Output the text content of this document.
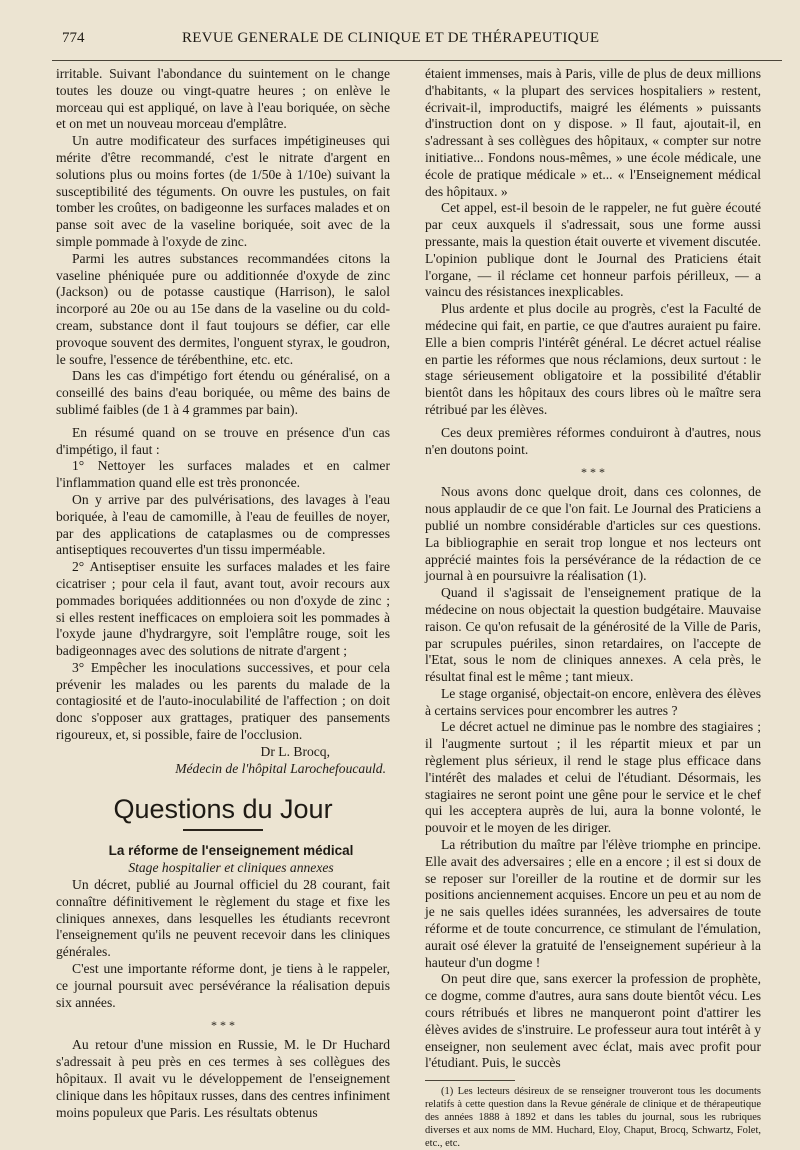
774	REVUE GENERALE DE CLINIQUE ET DE THÉRAPEUTIQUE

irritable. Suivant l'abondance du suintement on le change toutes les douze ou vingt-quatre heures ; on enlève le morceau qui est appliqué, on lave à l'eau boriquée, on sèche et on met un nouveau morceau d'emplâtre.

Un autre modificateur des surfaces impétigineuses qui mérite d'être recommandé, c'est le nitrate d'argent en solutions plus ou moins fortes (de 1/50e à 1/10e) suivant la susceptibilité des téguments. On ouvre les pustules, on fait tomber les croûtes, on badigeonne les surfaces malades et on panse soit avec de la vaseline boriquée, soit avec de la simple pommade à l'oxyde de zinc.

Parmi les autres substances recommandées citons la vaseline phéniquée pure ou additionnée d'oxyde de zinc (Jackson) ou de potasse caustique (Harrison), le salol incorporé au 20e ou au 15e dans de la vaseline ou du cold-cream, substance dont il faut toujours se défier, car elle provoque souvent des dermites, l'onguent styrax, le goudron, le soufre, l'essence de térébenthine, etc. etc.

Dans les cas d'impétigo fort étendu ou généralisé, on a conseillé des bains d'eau boriquée, ou même des bains de sublimé faibles (de 1 à 4 grammes par bain).

En résumé quand on se trouve en présence d'un cas d'impétigo, il faut :

1° Nettoyer les surfaces malades et en calmer l'inflammation quand elle est très prononcée.

On y arrive par des pulvérisations, des lavages à l'eau boriquée, à l'eau de camomille, à l'eau de feuilles de noyer, par des applications de cataplasmes ou de compresses antiseptiques recouvertes d'un tissu imperméable.

2° Antiseptiser ensuite les surfaces malades et les faire cicatriser ; pour cela il faut, avant tout, avoir recours aux pommades boriquées additionnées ou non d'oxyde de zinc ; si elles restent inefficaces on emploiera soit les pommades à l'oxyde jaune d'hydrargyre, soit l'emplâtre rouge, soit les badigeonnages avec des solutions de nitrate d'argent ;

3° Empêcher les inoculations successives, et pour cela prévenir les malades ou les parents du malade de la contagiosité et de l'auto-inoculabilité de l'affection ; on doit donc s'opposer aux grattages, pratiquer des pansements rigoureux, et, si possible, faire de l'occlusion.

Dr L. Brocq,

Médecin de l'hôpital Larochefoucauld.

Questions du Jour

La réforme de l'enseignement médical

Stage hospitalier et cliniques annexes

Un décret, publié au Journal officiel du 28 courant, fait connaître définitivement le règlement du stage et fixe les cliniques annexes, dans lesquelles les étudiants recevront l'enseignement qu'ils ne peuvent recevoir dans les cliniques générales.

C'est une importante réforme dont, je tiens à le rappeler, ce journal poursuit avec persévérance la réalisation depuis six années.

* * *

Au retour d'une mission en Russie, M. le Dr Huchard s'adressait à peu près en ces termes à ses collègues des hôpitaux. Il avait vu le développement de l'enseignement clinique dans les hôpitaux russes, dans des centres infiniment moins populeux que Paris. Les résultats obtenus

étaient immenses, mais à Paris, ville de plus de deux millions d'habitants, « la plupart des services hospitaliers » restent, écrivait-il, improductifs, maigré les éléments » puissants d'instruction dont on y dispose. » Il faut, ajoutait-il, en s'adressant à ses collègues des hôpitaux, « compter sur notre initiative... Fondons nous-mêmes, » une école médicale, une école de pratique médicale » et... « l'Enseignement médical des hôpitaux. »

Cet appel, est-il besoin de le rappeler, ne fut guère écouté par ceux auxquels il s'adressait, sous une forme aussi pressante, mais la question était ouverte et vivement discutée. L'opinion publique dont le Journal des Praticiens était l'organe, — il réclame cet honneur parfois périlleux, — a vaincu des résistances inexplicables.

Plus ardente et plus docile au progrès, c'est la Faculté de médecine qui fait, en partie, ce que d'autres auraient pu faire. Elle a bien compris l'intérêt général. Le décret actuel réalise en partie les réformes que nous réclamions, deux surtout : le stage sérieusement obligatoire et la possibilité d'établir bientôt dans les hôpitaux des cours libres où le maître sera rétribué par les élèves.

Ces deux premières réformes conduiront à d'autres, nous n'en doutons point.

* * *

Nous avons donc quelque droit, dans ces colonnes, de nous applaudir de ce que l'on fait. Le Journal des Praticiens a publié un nombre considérable d'articles sur ces questions. La bibliographie en serait trop longue et nos lecteurs ont apprécié maintes fois la persévérance de la rédaction de ce journal à en poursuivre la réalisation (1).

Quand il s'agissait de l'enseignement pratique de la médecine on nous objectait la question budgétaire. Mauvaise raison. Ce qu'on refusait de la générosité de la Ville de Paris, par scrupules puériles, sinon retardaires, on l'accepte de l'Etat, sous le nom de cliniques annexes. A cela près, le résultat final est le même ; tant mieux.

Le stage organisé, objectait-on encore, enlèvera des élèves à certains services pour encombrer les autres ?

Le décret actuel ne diminue pas le nombre des stagiaires ; il l'augmente surtout ; il les répartit mieux et par un règlement plus sérieux, il rend le stage plus efficace dans l'intérêt des malades et celui de l'étudiant. Désormais, les stagiaires ne seront point une gêne pour le service et le chef qui les acceptera auprès de lui, aura la bonne volonté, le pouvoir et le moyen de les diriger.

La rétribution du maître par l'élève triomphe en principe. Elle avait des adversaires ; elle en a encore ; il est si doux de se reposer sur l'oreiller de la routine et de dormir sur les positions anciennement acquises. Encore un peu et au nom de je ne sais quelles idées surannées, les adversaires de toute réforme et de toute concurrence, ce stimulant de l'émulation, aurait osé élever la gratuité de l'enseignement supérieur à la hauteur d'un dogme !

On peut dire que, sans exercer la profession de prophète, ce dogme, comme d'autres, aura sans doute bientôt vécu. Les cours rétribués et libres ne manqueront point d'attirer les élèves avides de s'instruire. Le professeur aura tout intérêt à y enseigner, non seulement avec éclat, mais avec profit pour l'étudiant. Puis, le succès

(1) Les lecteurs désireux de se renseigner trouveront tous les documents relatifs à cette question dans la Revue générale de clinique et de thérapeutique des années 1888 à 1892 et dans les tables du journal, sous les rubriques diverses et aux noms de MM. Huchard, Eloy, Chaput, Brocq, Schwartz, Folet, etc., etc.
